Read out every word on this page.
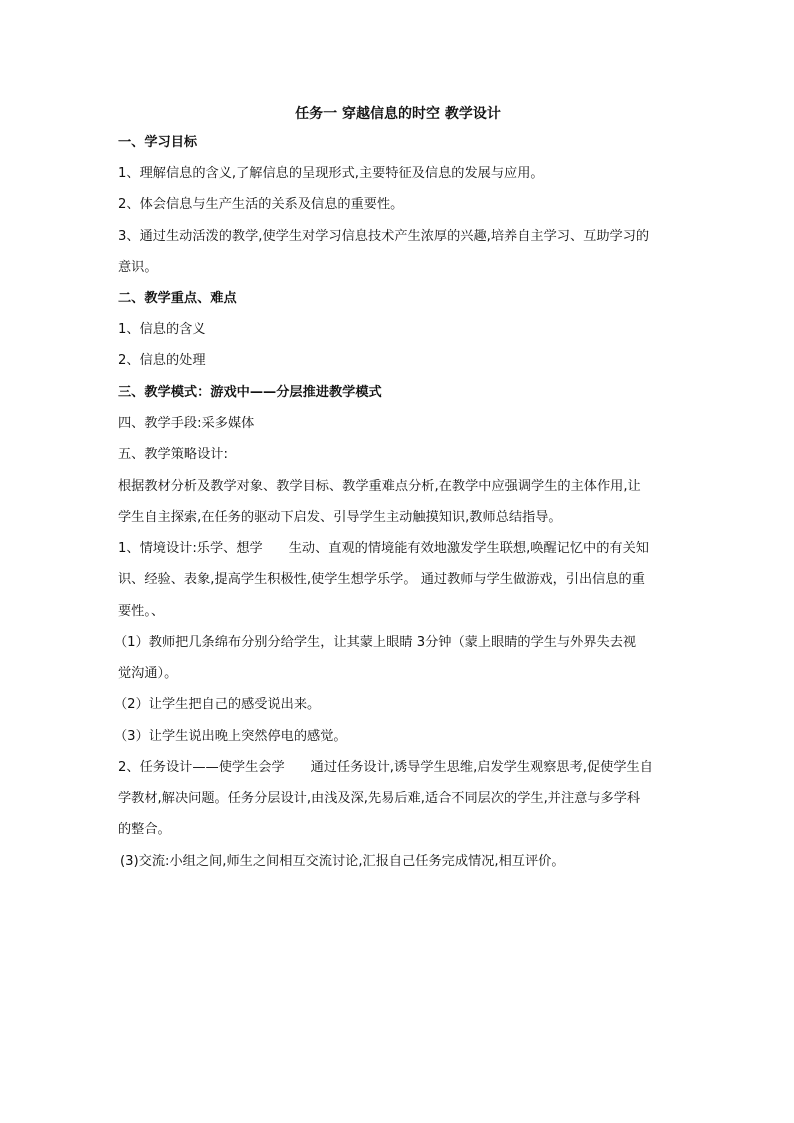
任务一 穿越信息的时空 教学设计
一、学习目标
1、理解信息的含义,了解信息的呈现形式,主要特征及信息的发展与应用。
2、体会信息与生产生活的关系及信息的重要性。
3、通过生动活泼的教学,使学生对学习信息技术产生浓厚的兴趣,培养自主学习、互助学习的
意识。
二、教学重点、难点
1、信息的含义
2、信息的处理
三、教学模式：游戏中——分层推进教学模式
四、教学手段:采多媒体
五、教学策略设计:
根据教材分析及教学对象、教学目标、教学重难点分析,在教学中应强调学生的主体作用,让
学生自主探索,在任务的驱动下启发、引导学生主动触摸知识,教师总结指导。
1、情境设计:乐学、想学 生动、直观的情境能有效地激发学生联想,唤醒记忆中的有关知
识、经验、表象,提高学生积极性,使学生想学乐学。 通过教师与学生做游戏，引出信息的重
要性。、
（1）教师把几条绵布分别分给学生，让其蒙上眼睛 3分钟（蒙上眼睛的学生与外界失去视
觉沟通）。
（2）让学生把自己的感受说出来。
（3）让学生说出晚上突然停电的感觉。
2、任务设计——使学生会学 通过任务设计,诱导学生思维,启发学生观察思考,促使学生自
学教材,解决问题。任务分层设计,由浅及深,先易后难,适合不同层次的学生,并注意与多学科
的整合。
(3)交流:小组之间,师生之间相互交流讨论,汇报自己任务完成情况,相互评价。
